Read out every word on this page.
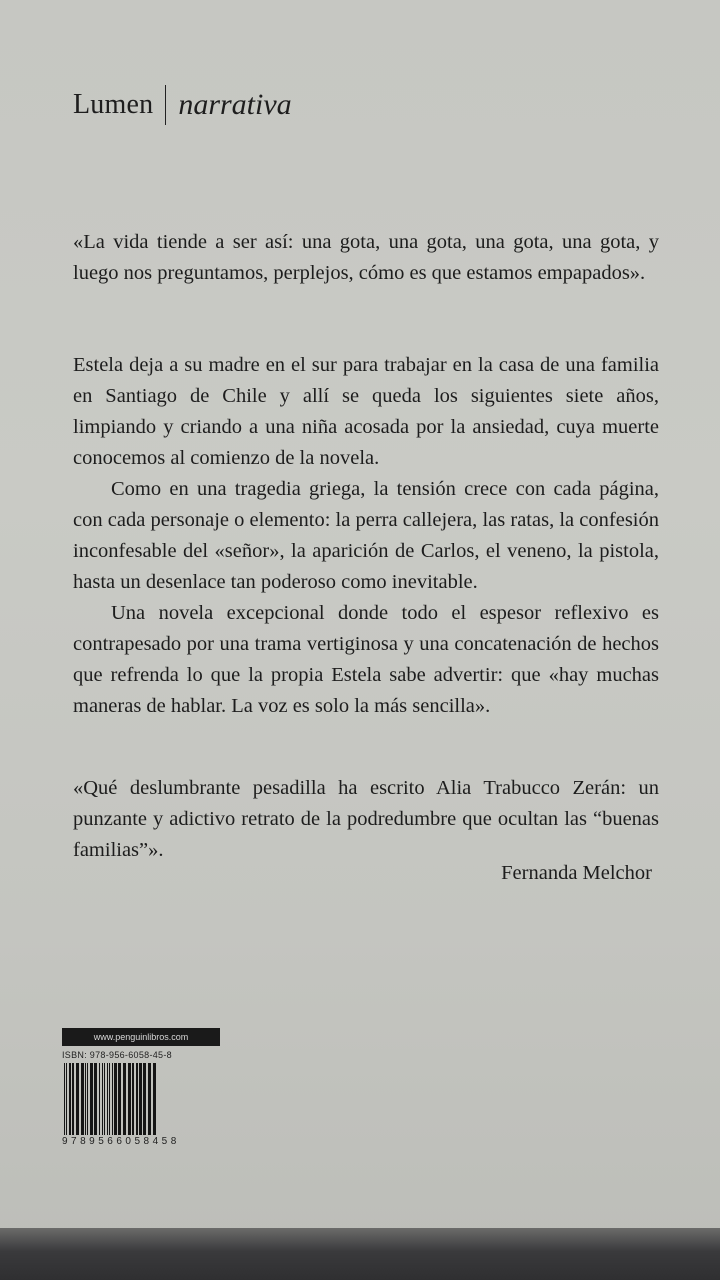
Lumen narrativa

«La vida tiende a ser así: una gota, una gota, una gota, una gota, y luego nos preguntamos, perplejos, cómo es que estamos empapados».

Estela deja a su madre en el sur para trabajar en la casa de una familia en Santiago de Chile y allí se queda los siguientes siete años, limpiando y criando a una niña acosada por la ansiedad, cuya muerte conocemos al comienzo de la novela.

Como en una tragedia griega, la tensión crece con cada página, con cada personaje o elemento: la perra callejera, las ratas, la confesión inconfesable del «señor», la aparición de Carlos, el veneno, la pistola, hasta un desenlace tan poderoso como inevitable.

Una novela excepcional donde todo el espesor reflexivo es contrapesado por una trama vertiginosa y una concatenación de hechos que refrenda lo que la propia Estela sabe advertir: que «hay muchas maneras de hablar. La voz es solo la más sencilla».

«Qué deslumbrante pesadilla ha escrito Alia Trabucco Zerán: un punzante y adictivo retrato de la podredumbre que ocultan las “buenas familias”».

Fernanda Melchor
www.penguinlibros.com
ISBN: 978-956-6058-45-8
9789566058458
